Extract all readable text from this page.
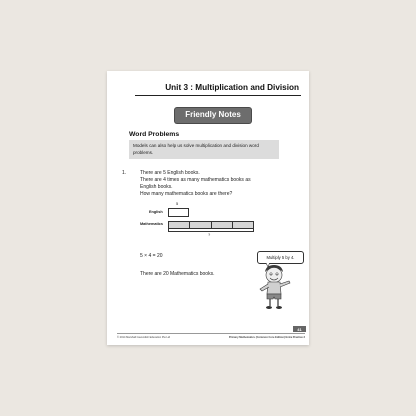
Unit 3 : Multiplication and Division
Friendly Notes
Word Problems
Models can also help us solve multiplication and division word problems.
1.	There are 5 English books.
There are 4 times as many mathematics books as
English books.
How many mathematics books are there?
5
English
Mathematics
?
5 × 4 = 20
There are 20 Mathematics books.
Multiply 5 by 4.
41
© 2014 Marshall Cavendish Education Pte Ltd	Primary Mathematics (Common Core Edition) Extra Practice 3
